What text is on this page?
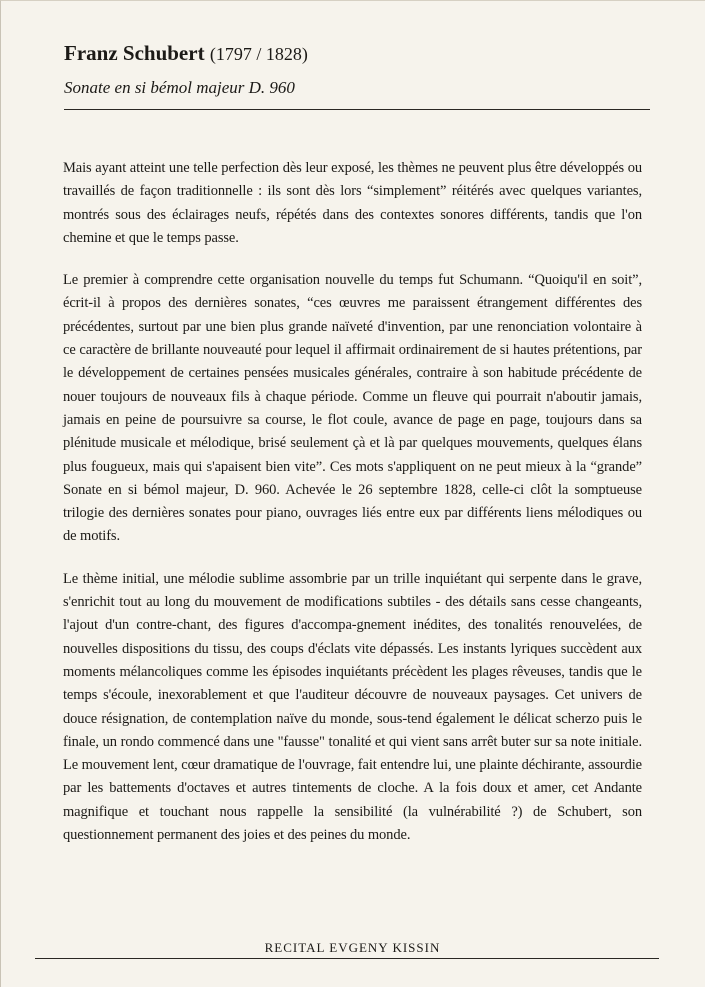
Franz Schubert (1797 / 1828)
Sonate en si bémol majeur D. 960

Mais ayant atteint une telle perfection dès leur exposé, les thèmes ne peuvent plus être développés ou travaillés de façon traditionnelle : ils sont dès lors “simplement” réitérés avec quelques variantes, montrés sous des éclairages neufs, répétés dans des contextes sonores différents, tandis que l'on chemine et que le temps passe.

Le premier à comprendre cette organisation nouvelle du temps fut Schumann. “Quoiqu'il en soit”, écrit-il à propos des dernières sonates, “ces œuvres me paraissent étrangement différentes des précédentes, surtout par une bien plus grande naïveté d'invention, par une renonciation volontaire à ce caractère de brillante nouveauté pour lequel il affirmait ordinairement de si hautes prétentions, par le développement de certaines pensées musicales générales, contraire à son habitude précédente de nouer toujours de nouveaux fils à chaque période. Comme un fleuve qui pourrait n'aboutir jamais, jamais en peine de poursuivre sa course, le flot coule, avance de page en page, toujours dans sa plénitude musicale et mélodique, brisé seulement çà et là par quelques mouvements, quelques élans plus fougueux, mais qui s'apaisent bien vite”. Ces mots s'appliquent on ne peut mieux à la “grande” Sonate en si bémol majeur, D. 960. Achevée le 26 septembre 1828, celle-ci clôt la somptueuse trilogie des dernières sonates pour piano, ouvrages liés entre eux par différents liens mélodiques ou de motifs.

Le thème initial, une mélodie sublime assombrie par un trille inquiétant qui serpente dans le grave, s'enrichit tout au long du mouvement de modifications subtiles - des détails sans cesse changeants, l'ajout d'un contre-chant, des figures d'accompa-gnement inédites, des tonalités renouvelées, de nouvelles dispositions du tissu, des coups d'éclats vite dépassés. Les instants lyriques succèdent aux moments mélancoliques comme les épisodes inquiétants précèdent les plages rêveuses, tandis que le temps s'écoule, inexorablement et que l'auditeur découvre de nouveaux paysages. Cet univers de douce résignation, de contemplation naïve du monde, sous-tend également le délicat scherzo puis le finale, un rondo commencé dans une "fausse" tonalité et qui vient sans arrêt buter sur sa note initiale. Le mouvement lent, cœur dramatique de l'ouvrage, fait entendre lui, une plainte déchirante, assourdie par les battements d'octaves et autres tintements de cloche. A la fois doux et amer, cet Andante magnifique et touchant nous rappelle la sensibilité (la vulnérabilité ?) de Schubert, son questionnement permanent des joies et des peines du monde.

RECITAL EVGENY KISSIN
